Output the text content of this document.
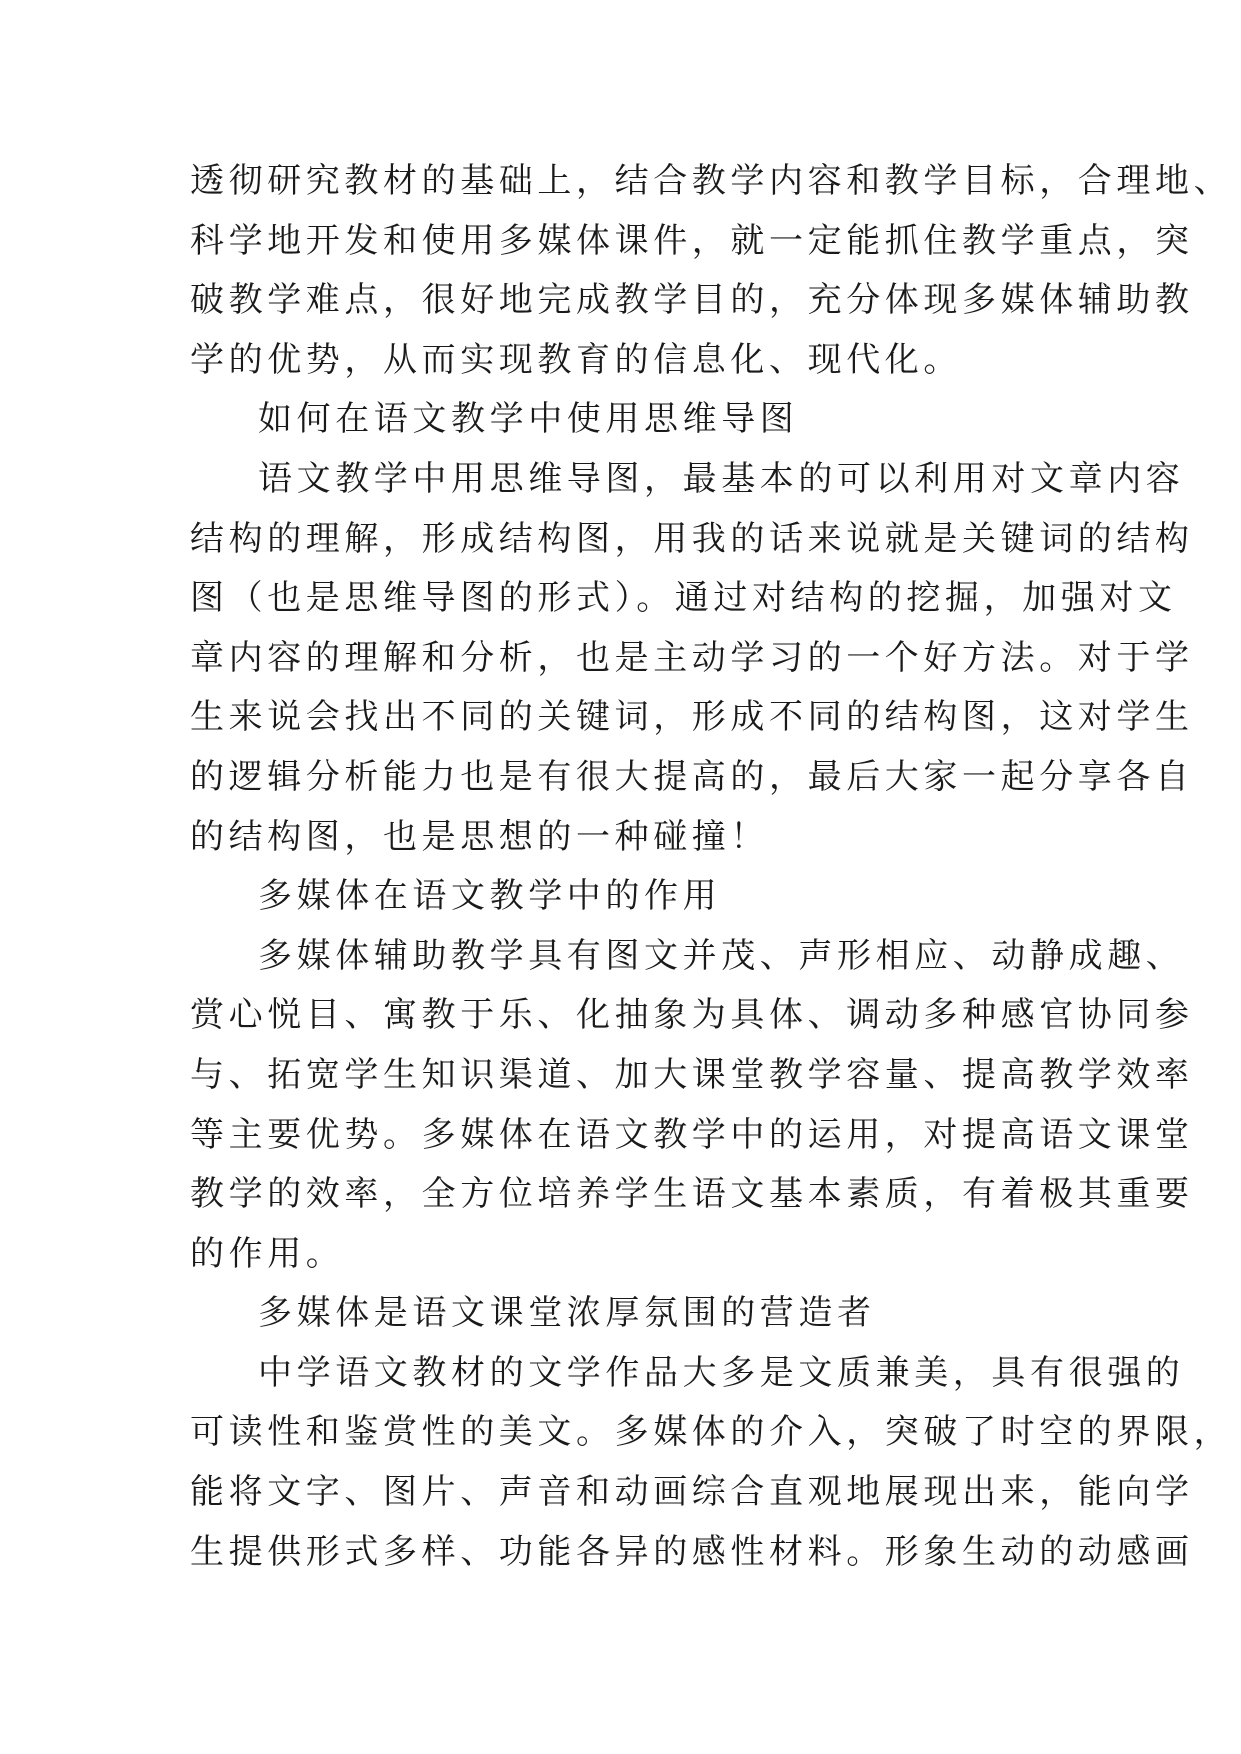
透彻研究教材的基础上，结合教学内容和教学目标，合理地、
科学地开发和使用多媒体课件，就一定能抓住教学重点，突
破教学难点，很好地完成教学目的，充分体现多媒体辅助教
学的优势，从而实现教育的信息化、现代化。
如何在语文教学中使用思维导图
语文教学中用思维导图，最基本的可以利用对文章内容
结构的理解，形成结构图，用我的话来说就是关键词的结构
图（也是思维导图的形式）。通过对结构的挖掘，加强对文
章内容的理解和分析，也是主动学习的一个好方法。对于学
生来说会找出不同的关键词，形成不同的结构图，这对学生
的逻辑分析能力也是有很大提高的，最后大家一起分享各自
的结构图，也是思想的一种碰撞！
多媒体在语文教学中的作用
多媒体辅助教学具有图文并茂、声形相应、动静成趣、
赏心悦目、寓教于乐、化抽象为具体、调动多种感官协同参
与、拓宽学生知识渠道、加大课堂教学容量、提高教学效率
等主要优势。多媒体在语文教学中的运用，对提高语文课堂
教学的效率，全方位培养学生语文基本素质，有着极其重要
的作用。
多媒体是语文课堂浓厚氛围的营造者
中学语文教材的文学作品大多是文质兼美，具有很强的
可读性和鉴赏性的美文。多媒体的介入，突破了时空的界限，
能将文字、图片、声音和动画综合直观地展现出来，能向学
生提供形式多样、功能各异的感性材料。形象生动的动感画
